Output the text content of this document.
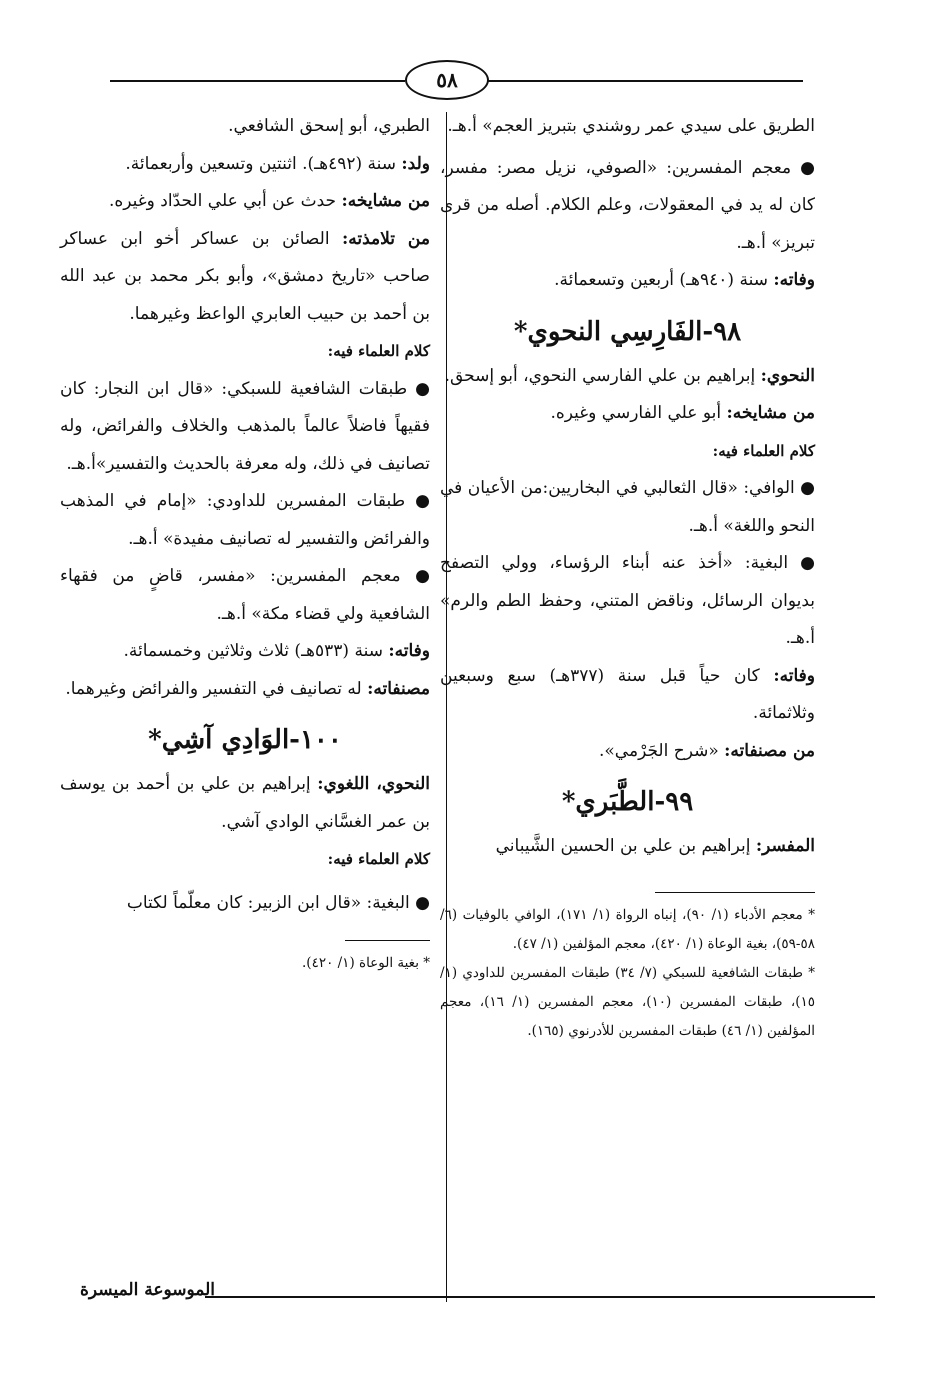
٥٨

الطريق على سيدي عمر روشندي بتبريز العجم» أ.هـ.

● معجم المفسرين: «الصوفي، نزيل مصر: مفسر، كان له يد في المعقولات، وعلم الكلام. أصله من قرى تبريز» أ.هـ.

وفاته: سنة (٩٤٠هـ) أربعين وتسعمائة.

٩٨-الفَارِسِي النحوي*

النحوي: إبراهيم بن علي الفارسي النحوي، أبو إسحق.

من مشايخه: أبو علي الفارسي وغيره.

كلام العلماء فيه:

● الوافي: «قال الثعالبي في البخاريين:من الأعيان في النحو واللغة» أ.هـ.

● البغية: «أخذ عنه أبناء الرؤساء، وولي التصفح بديوان الرسائل، وناقض المتني، وحفظ الطم والرم» أ.هـ.

وفاته: كان حياً قبل سنة (٣٧٧هـ) سبع وسبعين وثلاثمائة.

من مصنفاته: «شرح الجَرْمي».

٩٩-الطَّبَري*

المفسر: إبراهيم بن علي بن الحسين الشَّيباني

* معجم الأدباء (١/ ٩٠)، إنباه الرواة (١/ ١٧١)، الوافي بالوفيات (٦/ ٥٨-٥٩)، بغية الوعاة (١/ ٤٢٠)، معجم المؤلفين (١/ ٤٧).

* طبقات الشافعية للسبكي (٧/ ٣٤) طبقات المفسرين للداودي (١/ ١٥)، طبقات المفسرين (١٠)، معجم المفسرين (١/ ١٦)، معجم المؤلفين (١/ ٤٦) طبقات المفسرين للأدرنوي (١٦٥).

الطبري، أبو إسحق الشافعي.

ولد: سنة (٤٩٢هـ). اثنتين وتسعين وأربعمائة.

من مشايخه: حدث عن أبي علي الحدّاد وغيره.

من تلامذته: الصائن بن عساكر أخو ابن عساكر صاحب «تاريخ دمشق»، وأبو بكر محمد بن عبد الله بن أحمد بن حبيب العابري الواعظ وغيرهما.

كلام العلماء فيه:

● طبقات الشافعية للسبكي: «قال ابن النجار: كان فقيهاً فاضلاً عالماً بالمذهب والخلاف والفرائض، وله تصانيف في ذلك، وله معرفة بالحديث والتفسير»أ.هـ.

● طبقات المفسرين للداودي: «إمام في المذهب والفرائض والتفسير له تصانيف مفيدة» أ.هـ.

● معجم المفسرين: «مفسر، قاضٍ من فقهاء الشافعية ولي قضاء مكة» أ.هـ.

وفاته: سنة (٥٣٣هـ) ثلاث وثلاثين وخمسمائة.

مصنفاته: له تصانيف في التفسير والفرائض وغيرهما.

١٠٠-الوَادِي آشِي*

النحوي، اللغوي: إبراهيم بن علي بن أحمد بن يوسف بن عمر الغسَّاني الوادي آشي.

كلام العلماء فيه:

● البغية: «قال ابن الزبير: كان معلّماً لكتاب

* بغية الوعاة (١/ ٤٢٠).

الموسوعة الميسرة
